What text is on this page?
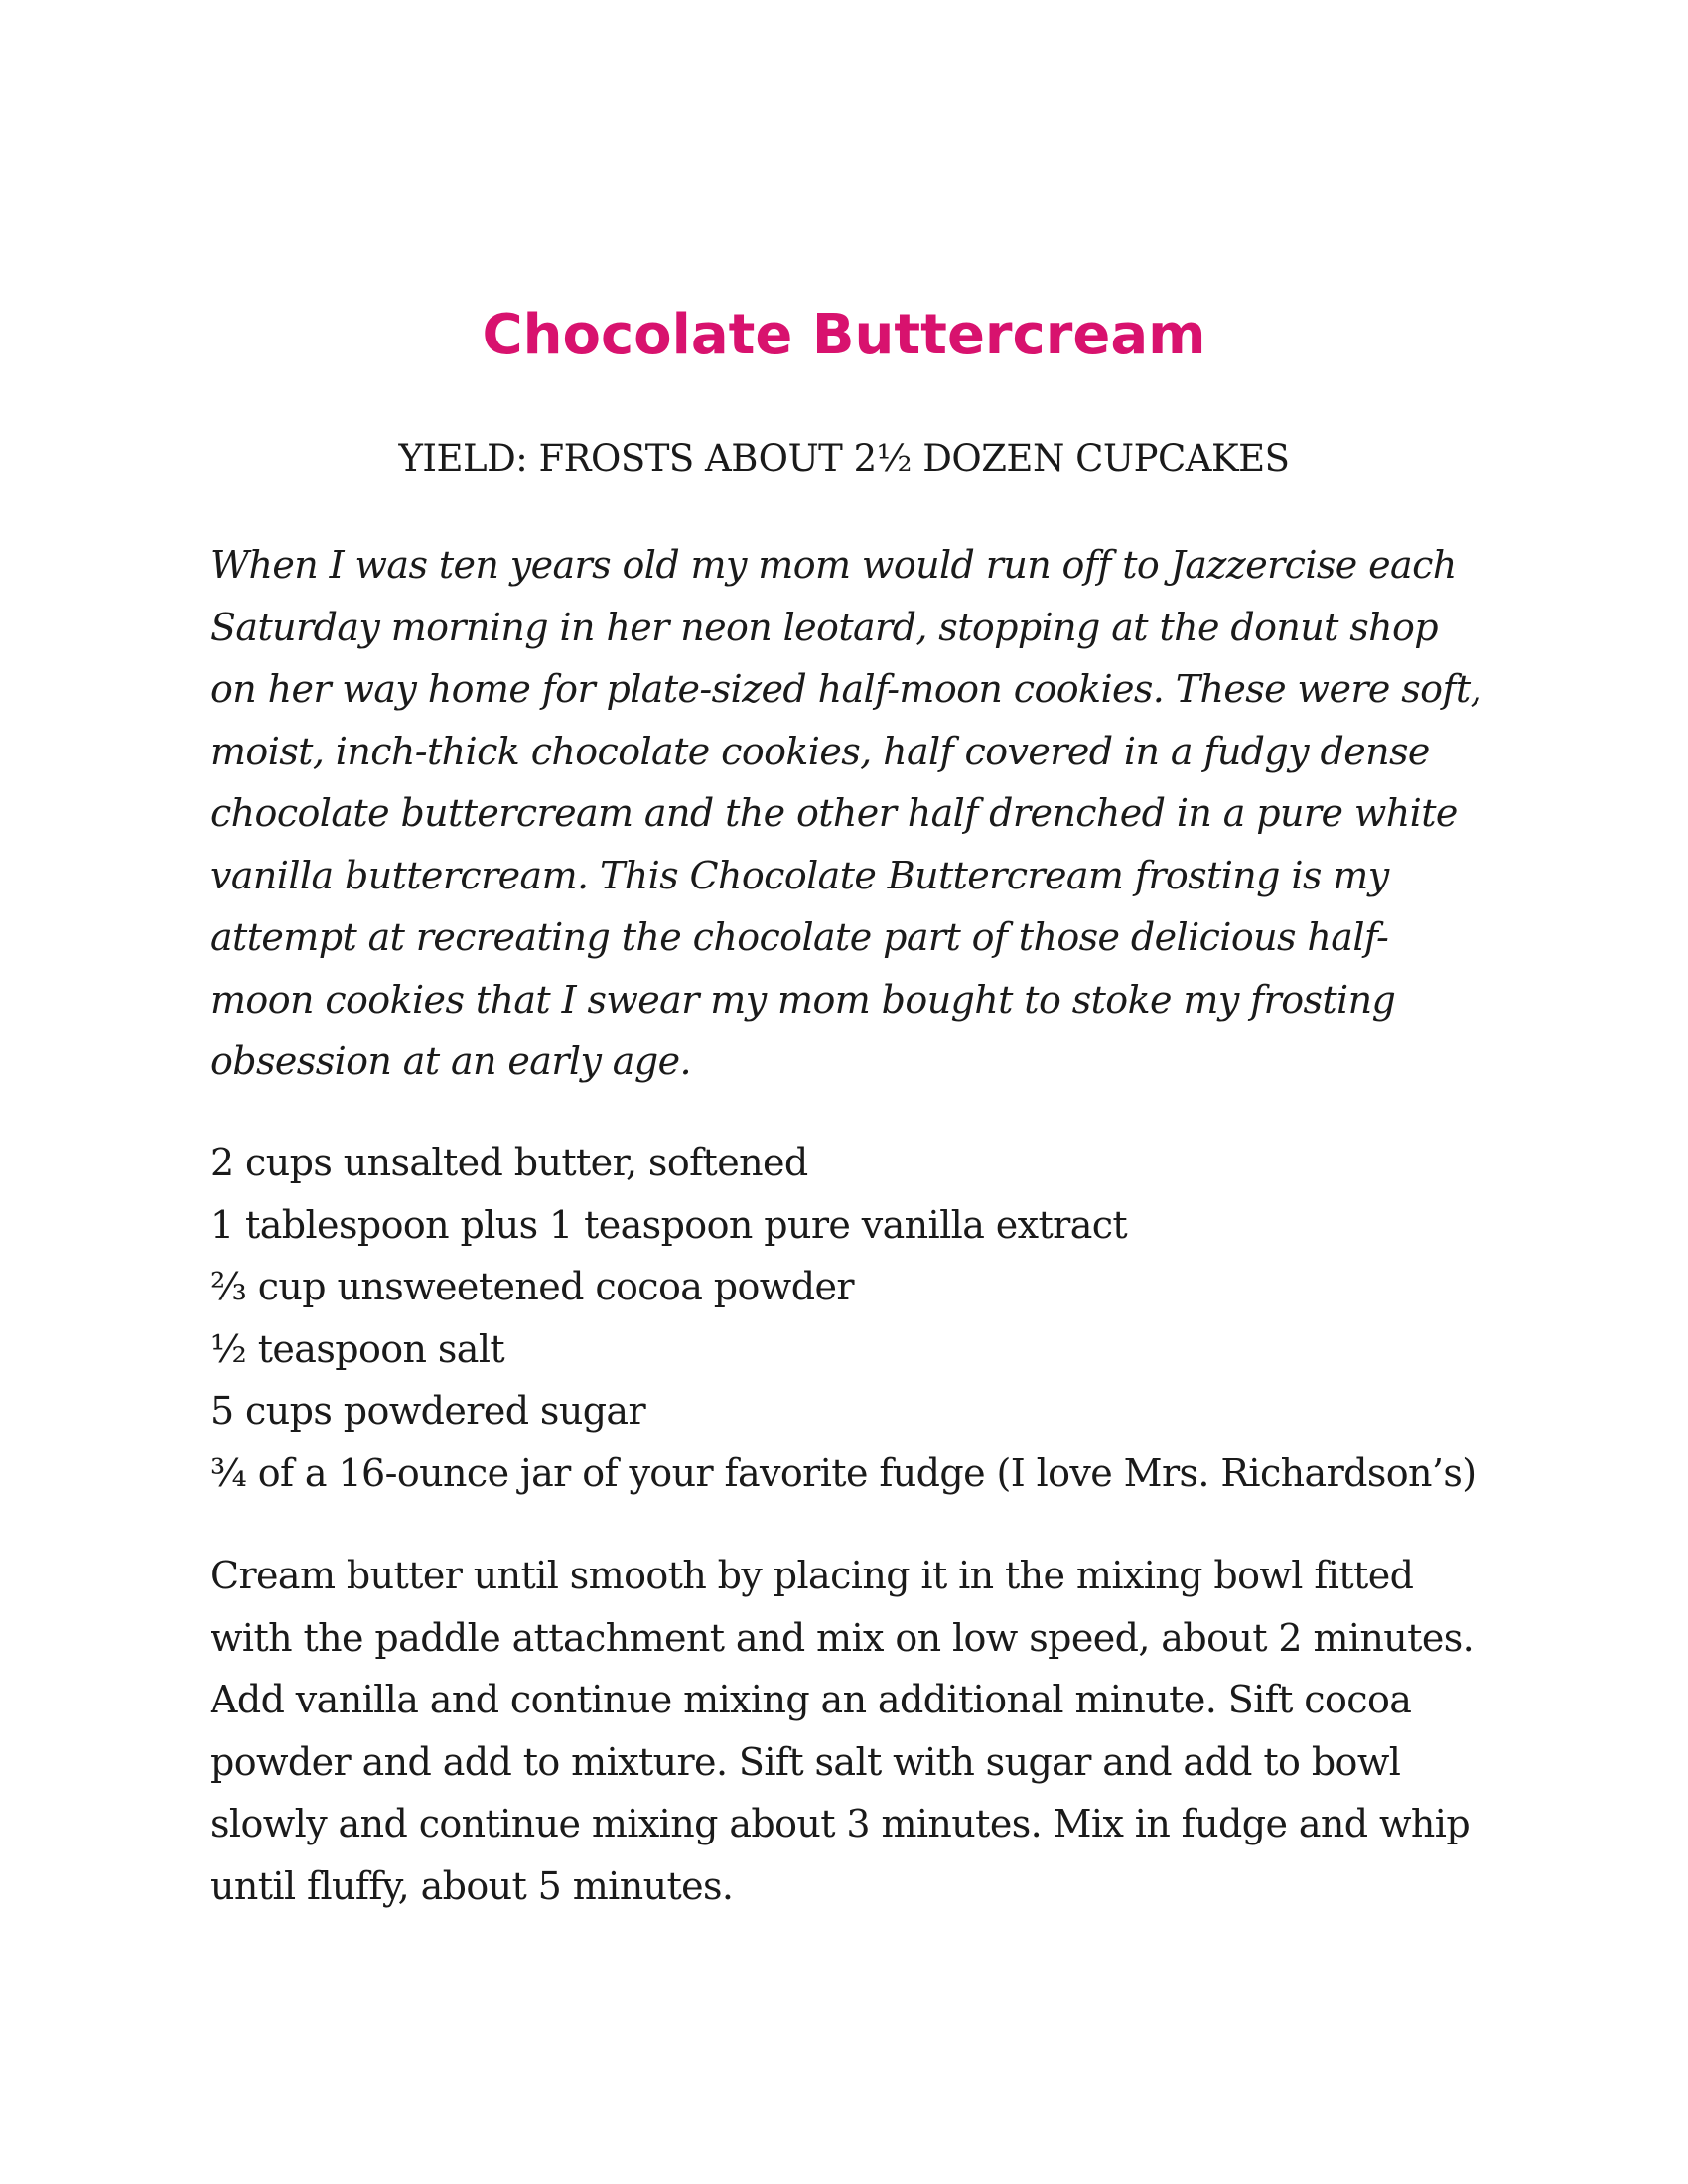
Chocolate Buttercream

YIELD: FROSTS ABOUT 2½ DOZEN CUPCAKES

When I was ten years old my mom would run off to Jazzercise each
Saturday morning in her neon leotard, stopping at the donut shop
on her way home for plate-sized half-moon cookies. These were soft,
moist, inch-thick chocolate cookies, half covered in a fudgy dense
chocolate buttercream and the other half drenched in a pure white
vanilla buttercream. This Chocolate Buttercream frosting is my
attempt at recreating the chocolate part of those delicious half-
moon cookies that I swear my mom bought to stoke my frosting
obsession at an early age.

2 cups unsalted butter, softened
1 tablespoon plus 1 teaspoon pure vanilla extract
⅔ cup unsweetened cocoa powder
½ teaspoon salt
5 cups powdered sugar
¾ of a 16-ounce jar of your favorite fudge (I love Mrs. Richardson’s)

Cream butter until smooth by placing it in the mixing bowl fitted
with the paddle attachment and mix on low speed, about 2 minutes.
Add vanilla and continue mixing an additional minute. Sift cocoa
powder and add to mixture. Sift salt with sugar and add to bowl
slowly and continue mixing about 3 minutes. Mix in fudge and whip
until fluffy, about 5 minutes.
